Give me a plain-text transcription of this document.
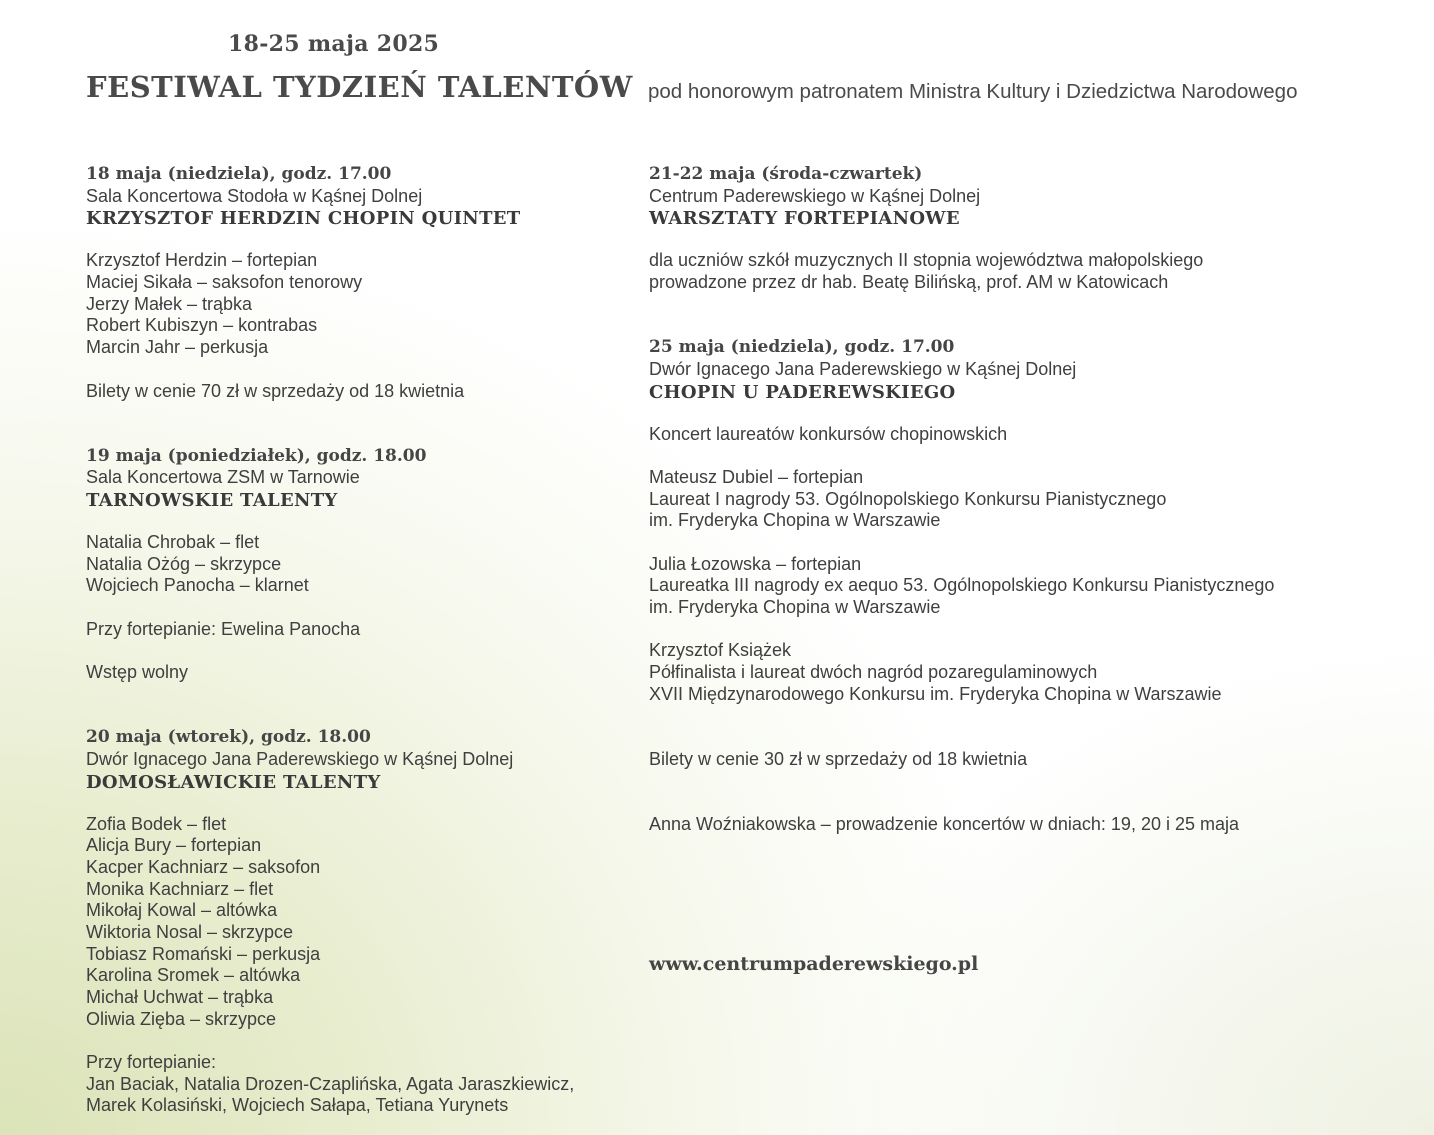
18-25 maja 2025
FESTIWAL TYDZIEŃ TALENTÓW pod honorowym patronatem Ministra Kultury i Dziedzictwa Narodowego
18 maja (niedziela), godz. 17.00
Sala Koncertowa Stodoła w Kąśnej Dolnej
KRZYSZTOF HERDZIN CHOPIN QUINTET
Krzysztof Herdzin – fortepian
Maciej Sikała – saksofon tenorowy
Jerzy Małek – trąbka
Robert Kubiszyn – kontrabas
Marcin Jahr – perkusja
Bilety w cenie 70 zł w sprzedaży od 18 kwietnia
19 maja (poniedziałek), godz. 18.00
Sala Koncertowa ZSM w Tarnowie
TARNOWSKIE TALENTY
Natalia Chrobak – flet
Natalia Ożóg – skrzypce
Wojciech Panocha – klarnet
Przy fortepianie: Ewelina Panocha
Wstęp wolny
20 maja (wtorek), godz. 18.00
Dwór Ignacego Jana Paderewskiego w Kąśnej Dolnej
DOMOSŁAWICKIE TALENTY
Zofia Bodek – flet
Alicja Bury – fortepian
Kacper Kachniarz – saksofon
Monika Kachniarz – flet
Mikołaj Kowal – altówka
Wiktoria Nosal – skrzypce
Tobiasz Romański – perkusja
Karolina Sromek – altówka
Michał Uchwat – trąbka
Oliwia Zięba – skrzypce
Przy fortepianie:
Jan Baciak, Natalia Drozen-Czaplińska, Agata Jaraszkiewicz,
Marek Kolasiński, Wojciech Sałapa, Tetiana Yurynets
21-22 maja (środa-czwartek)
Centrum Paderewskiego w Kąśnej Dolnej
WARSZTATY FORTEPIANOWE
dla uczniów szkół muzycznych II stopnia województwa małopolskiego
prowadzone przez dr hab. Beatę Bilińską, prof. AM w Katowicach
25 maja (niedziela), godz. 17.00
Dwór Ignacego Jana Paderewskiego w Kąśnej Dolnej
CHOPIN U PADEREWSKIEGO
Koncert laureatów konkursów chopinowskich
Mateusz Dubiel – fortepian
Laureat I nagrody 53. Ogólnopolskiego Konkursu Pianistycznego
im. Fryderyka Chopina w Warszawie
Julia Łozowska – fortepian
Laureatka III nagrody ex aequo 53. Ogólnopolskiego Konkursu Pianistycznego
im. Fryderyka Chopina w Warszawie
Krzysztof Książek
Półfinalista i laureat dwóch nagród pozaregulaminowych
XVII Międzynarodowego Konkursu im. Fryderyka Chopina w Warszawie
Bilety w cenie 30 zł w sprzedaży od 18 kwietnia
Anna Woźniakowska – prowadzenie koncertów w dniach: 19, 20 i 25 maja
www.centrumpaderewskiego.pl
